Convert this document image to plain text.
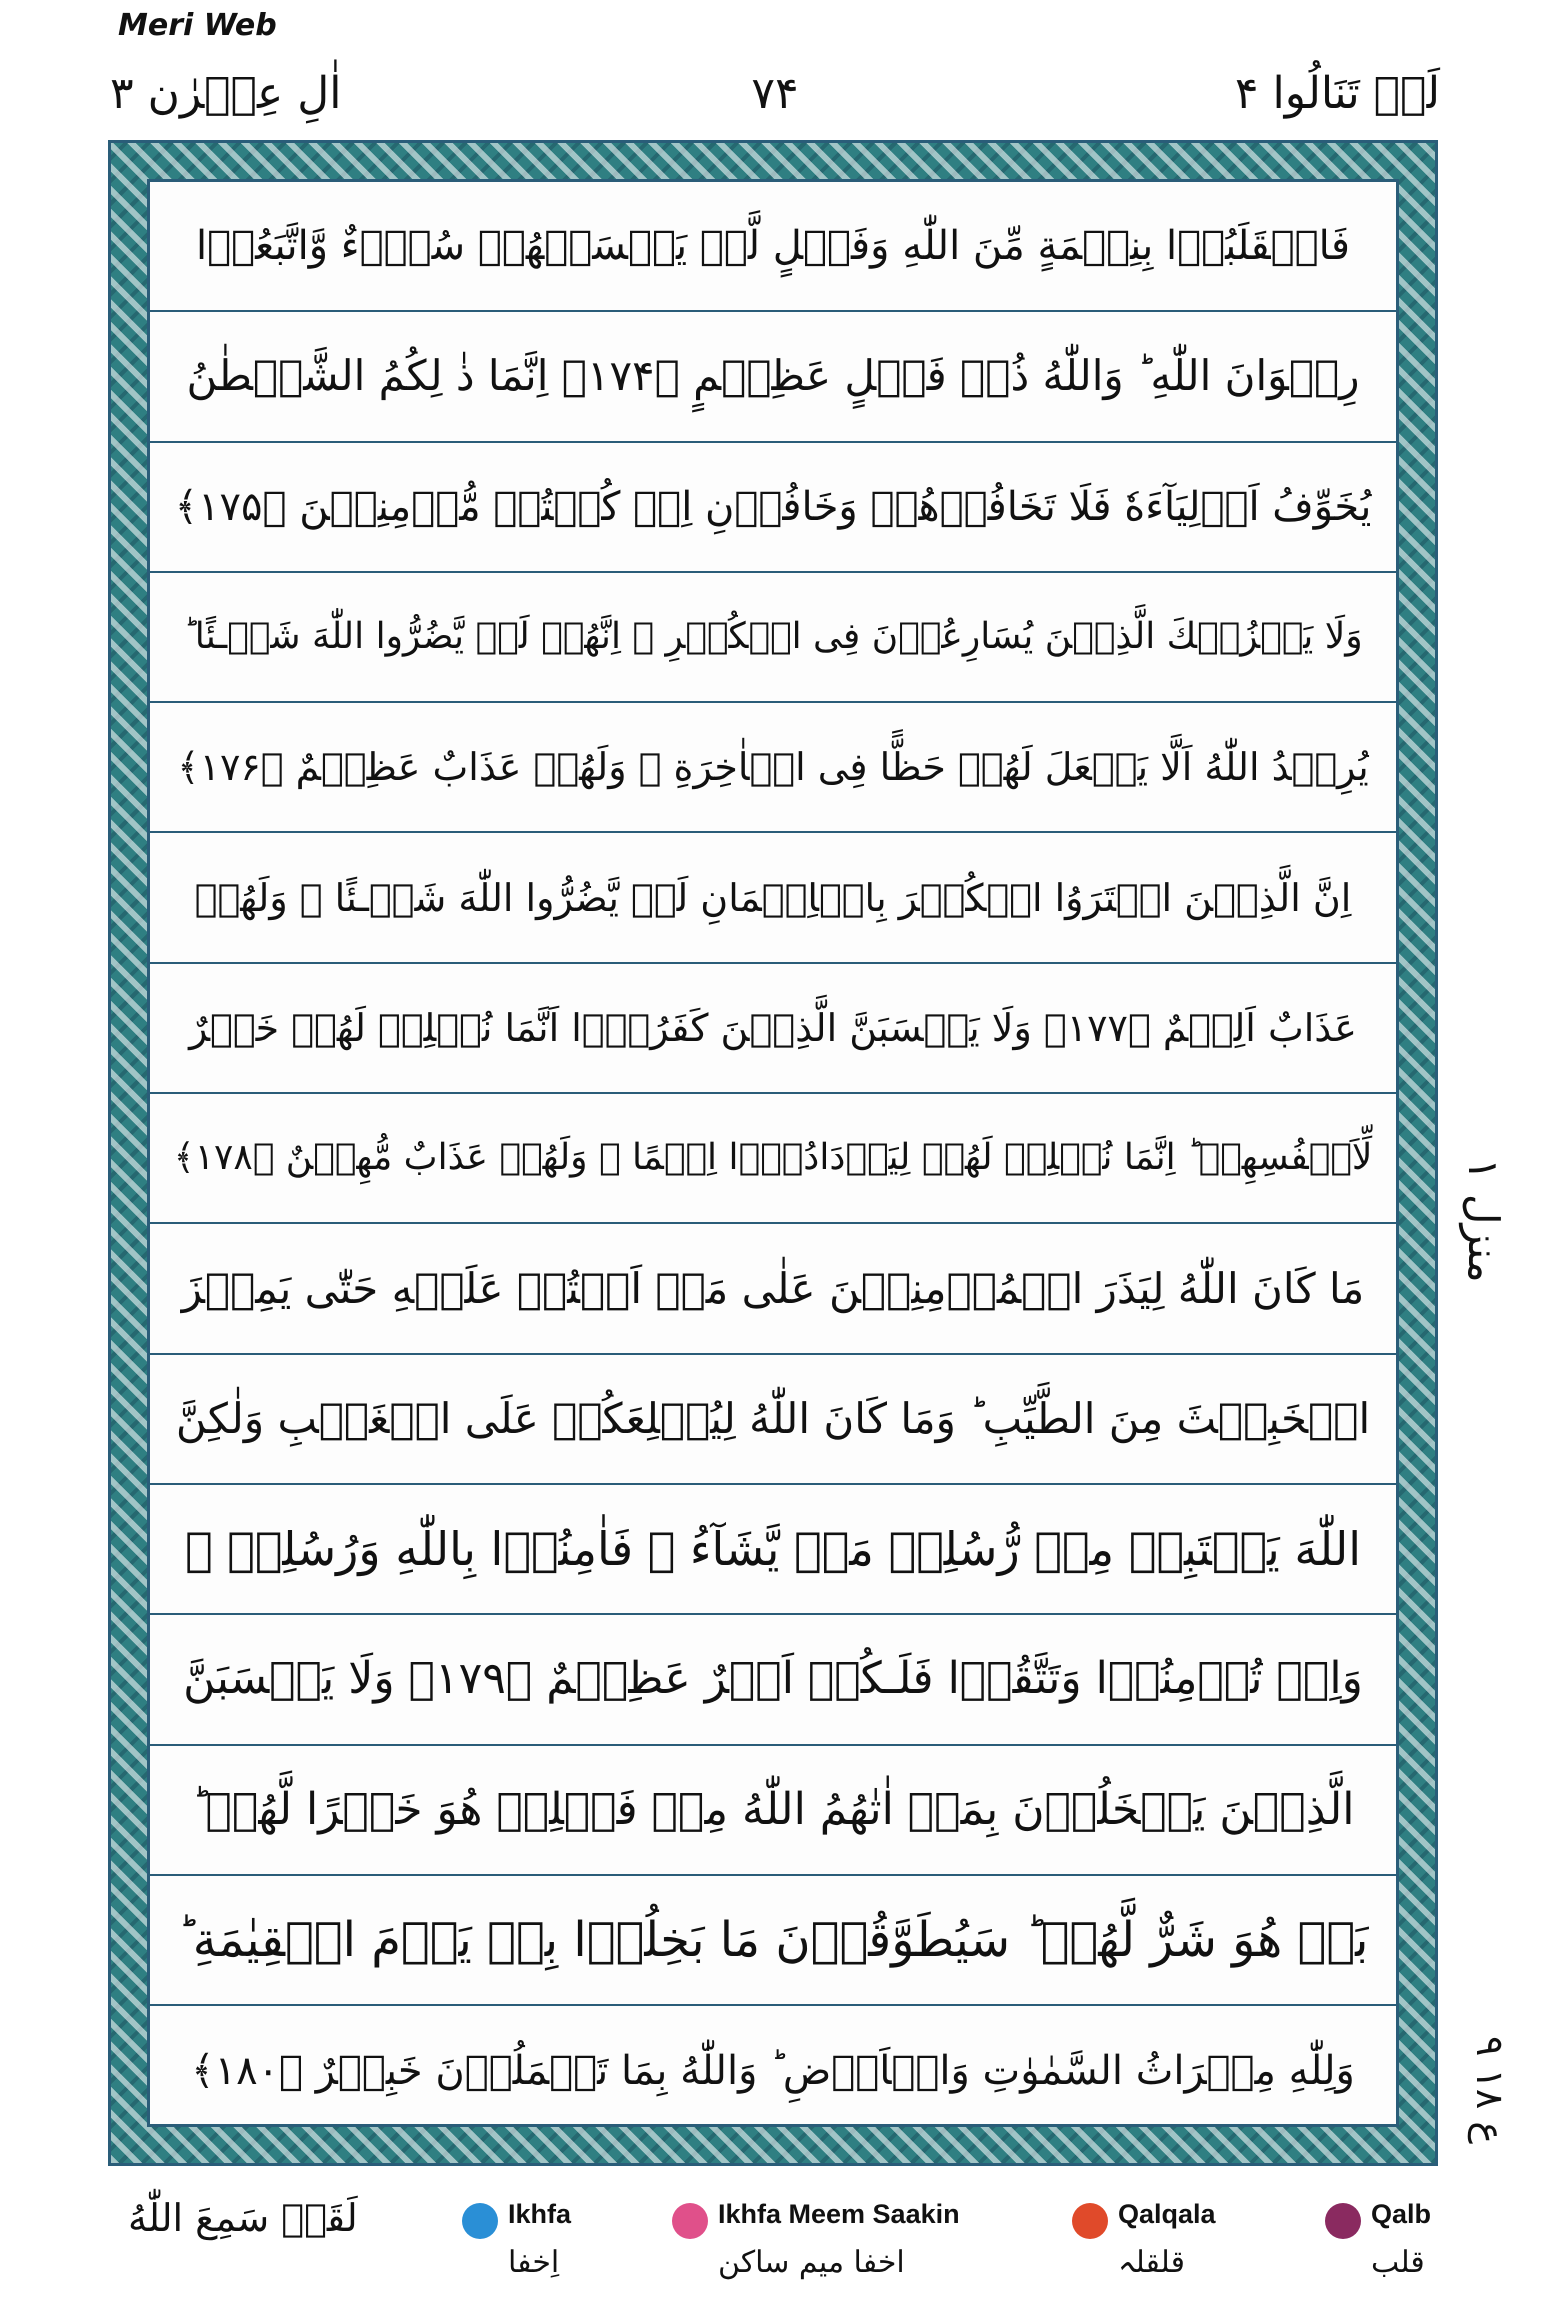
Meri Web
لَنۡ تَنَالُوا ۴
۷۴
اٰلِ عِمۡرٰن ۳
فَانۡقَلَبُوۡا بِنِعۡمَةٍ مِّنَ اللّٰهِ وَفَضۡلٍ لَّمۡ يَمۡسَسۡهُمۡ سُوۡٓءٌ وَّاتَّبَعُوۡا
رِضۡوَانَ اللّٰهِ ؕ وَاللّٰهُ ذُوۡ فَضۡلٍ عَظِيۡمٍ ﴿۱۷۴﴾ اِنَّمَا ذٰ لِكُمُ الشَّيۡطٰنُ
يُخَوِّفُ اَوۡلِيَآءَهٗ فَلَا تَخَافُوۡهُمۡ وَخَافُوۡنِ اِنۡ كُنۡتُمۡ مُّؤۡمِنِيۡنَ ﴿۱۷۵﴾
وَلَا يَحۡزُنۡكَ الَّذِيۡنَ يُسَارِعُوۡنَ فِى الۡكُفۡرِ ۚ اِنَّهُمۡ لَنۡ يَّضُرُّوا اللّٰهَ شَيۡـئًا ؕ
يُرِيۡدُ اللّٰهُ اَلَّا يَجۡعَلَ لَهُمۡ حَظًّا فِى الۡاٰخِرَةِ ۚ وَلَهُمۡ عَذَابٌ عَظِيۡمٌ ﴿۱۷۶﴾
اِنَّ الَّذِيۡنَ اشۡتَرَوُا الۡكُفۡرَ بِالۡاِيۡمَانِ لَنۡ يَّضُرُّوا اللّٰهَ شَيۡـئًا ۚ وَلَهُمۡ
عَذَابٌ اَلِيۡمٌ ﴿۱۷۷﴾ وَلَا يَحۡسَبَنَّ الَّذِيۡنَ كَفَرُوۡۤا اَنَّمَا نُمۡلِىۡ لَهُمۡ خَيۡرٌ
لِّاَنۡفُسِهِمۡ ؕ اِنَّمَا نُمۡلِىۡ لَهُمۡ لِيَزۡدَادُوۡۤا اِثۡمًا ۚ وَلَهُمۡ عَذَابٌ مُّهِيۡنٌ ﴿۱۷۸﴾
مَا كَانَ اللّٰهُ لِيَذَرَ الۡمُؤۡمِنِيۡنَ عَلٰى مَاۤ اَنۡتُمۡ عَلَيۡهِ حَتّٰى يَمِيۡزَ
الۡخَبِيۡثَ مِنَ الطَّيِّبِ ؕ وَمَا كَانَ اللّٰهُ لِيُطۡلِعَكُمۡ عَلَى الۡغَيۡبِ وَلٰكِنَّ
اللّٰهَ يَجۡتَبِىۡ مِنۡ رُّسُلِهٖ مَنۡ يَّشَآءُ ۖ فَاٰمِنُوۡا بِاللّٰهِ وَرُسُلِهٖ ۚ
وَاِنۡ تُؤۡمِنُوۡا وَتَتَّقُوۡا فَلَـكُمۡ اَجۡرٌ عَظِيۡمٌ ﴿۱۷۹﴾ وَلَا يَحۡسَبَنَّ
الَّذِيۡنَ يَبۡخَلُوۡنَ بِمَاۤ اٰتٰهُمُ اللّٰهُ مِنۡ فَضۡلِهٖ هُوَ خَيۡرًا لَّهُمۡ ؕ
بَلۡ هُوَ شَرٌّ لَّهُمۡ ؕ سَيُطَوَّقُوۡنَ مَا بَخِلُوۡا بِهٖ يَوۡمَ الۡقِيٰمَةِ ؕ
وَلِلّٰهِ مِيۡرَاثُ السَّمٰوٰتِ وَالۡاَرۡضِ ؕ وَاللّٰهُ بِمَا تَعۡمَلُوۡنَ خَبِيۡرٌ ﴿۱۸۰﴾
منزل ۱
ع ۱۸ ۹
لَقَدۡ سَمِعَ اللّٰهُ	Ikhfa
اِخفا
Ikhfa Meem Saakin
اخفا میم ساکن
Qalqala
قلقلہ
Qalb
قلب
